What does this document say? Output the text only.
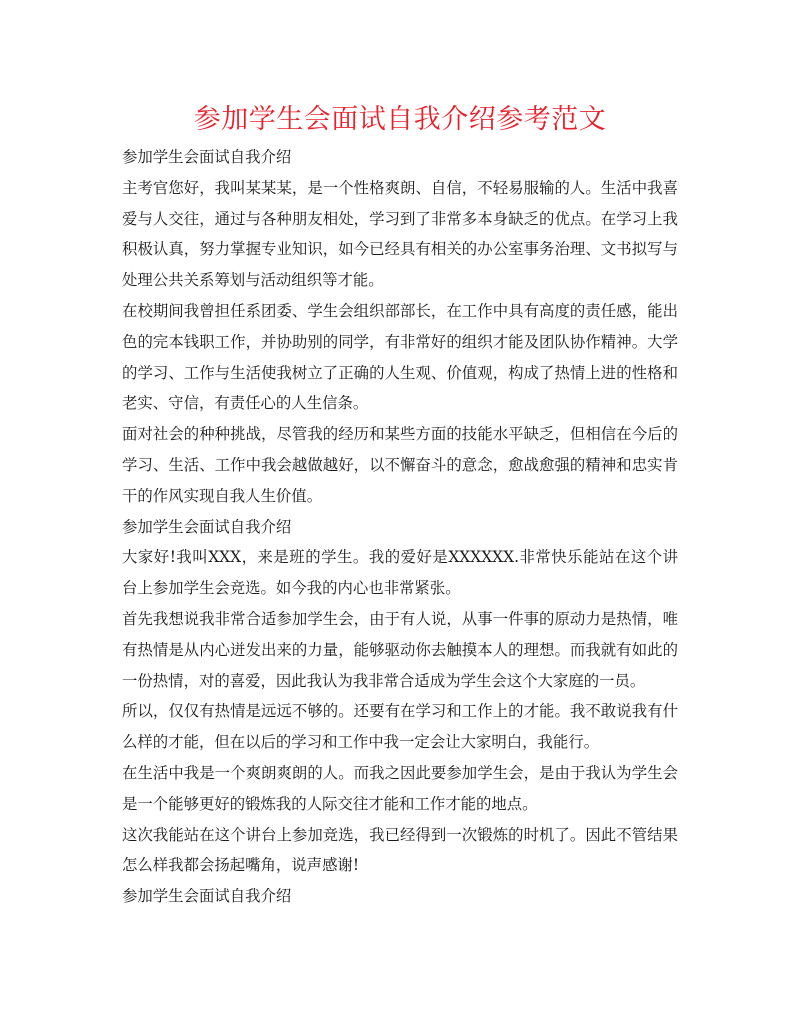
参加学生会面试自我介绍参考范文

参加学生会面试自我介绍

主考官您好，我叫某某某，是一个性格爽朗、自信，不轻易服输的人。生活中我喜爱与人交往，通过与各种朋友相处，学习到了非常多本身缺乏的优点。在学习上我积极认真，努力掌握专业知识，如今已经具有相关的办公室事务治理、文书拟写与处理公共关系筹划与活动组织等才能。

在校期间我曾担任系团委、学生会组织部部长，在工作中具有高度的责任感，能出色的完本钱职工作，并协助别的同学，有非常好的组织才能及团队协作精神。大学的学习、工作与生活使我树立了正确的人生观、价值观，构成了热情上进的性格和老实、守信，有责任心的人生信条。

面对社会的种种挑战，尽管我的经历和某些方面的技能水平缺乏，但相信在今后的学习、生活、工作中我会越做越好，以不懈奋斗的意念，愈战愈强的精神和忠实肯干的作风实现自我人生价值。

参加学生会面试自我介绍

大家好!我叫XXX，来是班的学生。我的爱好是XXXXXX.非常快乐能站在这个讲台上参加学生会竞选。如今我的内心也非常紧张。

首先我想说我非常合适参加学生会，由于有人说，从事一件事的原动力是热情，唯有热情是从内心迸发出来的力量，能够驱动你去触摸本人的理想。而我就有如此的一份热情，对的喜爱，因此我认为我非常合适成为学生会这个大家庭的一员。

所以，仅仅有热情是远远不够的。还要有在学习和工作上的才能。我不敢说我有什么样的才能，但在以后的学习和工作中我一定会让大家明白，我能行。

在生活中我是一个爽朗爽朗的人。而我之因此要参加学生会，是由于我认为学生会是一个能够更好的锻炼我的人际交往才能和工作才能的地点。

这次我能站在这个讲台上参加竞选，我已经得到一次锻炼的时机了。因此不管结果怎么样我都会扬起嘴角，说声感谢!

参加学生会面试自我介绍
